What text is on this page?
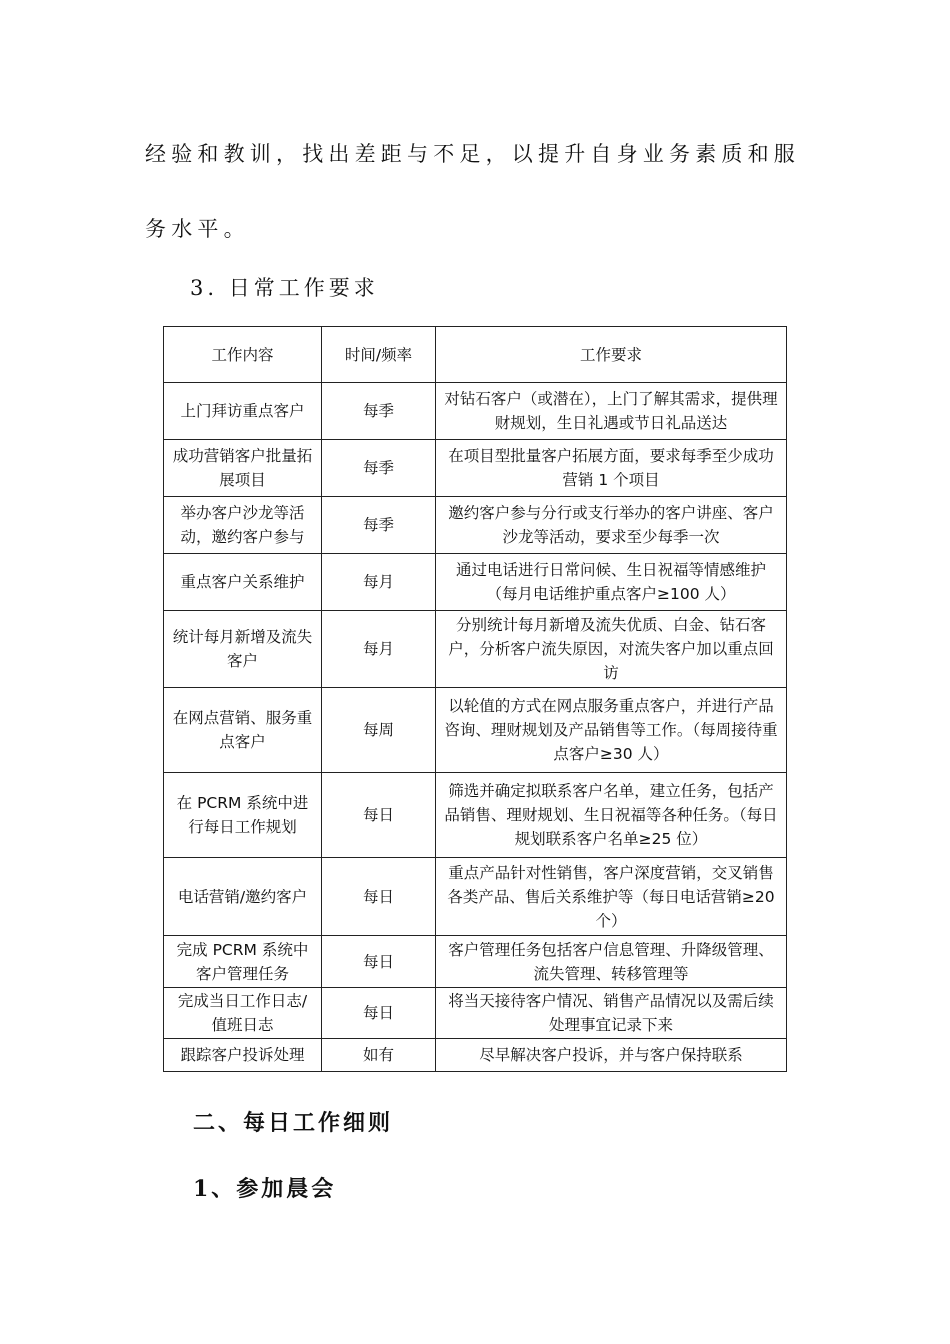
经验和教训，找出差距与不足，以提升自身业务素质和服务水平。

3. 日常工作要求

工作内容	时间/频率	工作要求
上门拜访重点客户	每季	对钻石客户（或潜在），上门了解其需求，提供理财规划，生日礼遇或节日礼品送达
成功营销客户批量拓展项目	每季	在项目型批量客户拓展方面，要求每季至少成功营销 1 个项目
举办客户沙龙等活动，邀约客户参与	每季	邀约客户参与分行或支行举办的客户讲座、客户沙龙等活动，要求至少每季一次
重点客户关系维护	每月	通过电话进行日常问候、生日祝福等情感维护（每月电话维护重点客户≥100 人）
统计每月新增及流失客户	每月	分别统计每月新增及流失优质、白金、钻石客户，分析客户流失原因，对流失客户加以重点回访
在网点营销、服务重点客户	每周	以轮值的方式在网点服务重点客户，并进行产品咨询、理财规划及产品销售等工作。（每周接待重点客户≥30 人）
在 PCRM 系统中进行每日工作规划	每日	筛选并确定拟联系客户名单，建立任务，包括产品销售、理财规划、生日祝福等各种任务。（每日规划联系客户名单≥25 位）
电话营销/邀约客户	每日	重点产品针对性销售，客户深度营销，交叉销售各类产品、售后关系维护等（每日电话营销≥20 个）
完成 PCRM 系统中客户管理任务	每日	客户管理任务包括客户信息管理、升降级管理、流失管理、转移管理等
完成当日工作日志/值班日志	每日	将当天接待客户情况、销售产品情况以及需后续处理事宜记录下来
跟踪客户投诉处理	如有	尽早解决客户投诉，并与客户保持联系

二、每日工作细则

1、参加晨会
